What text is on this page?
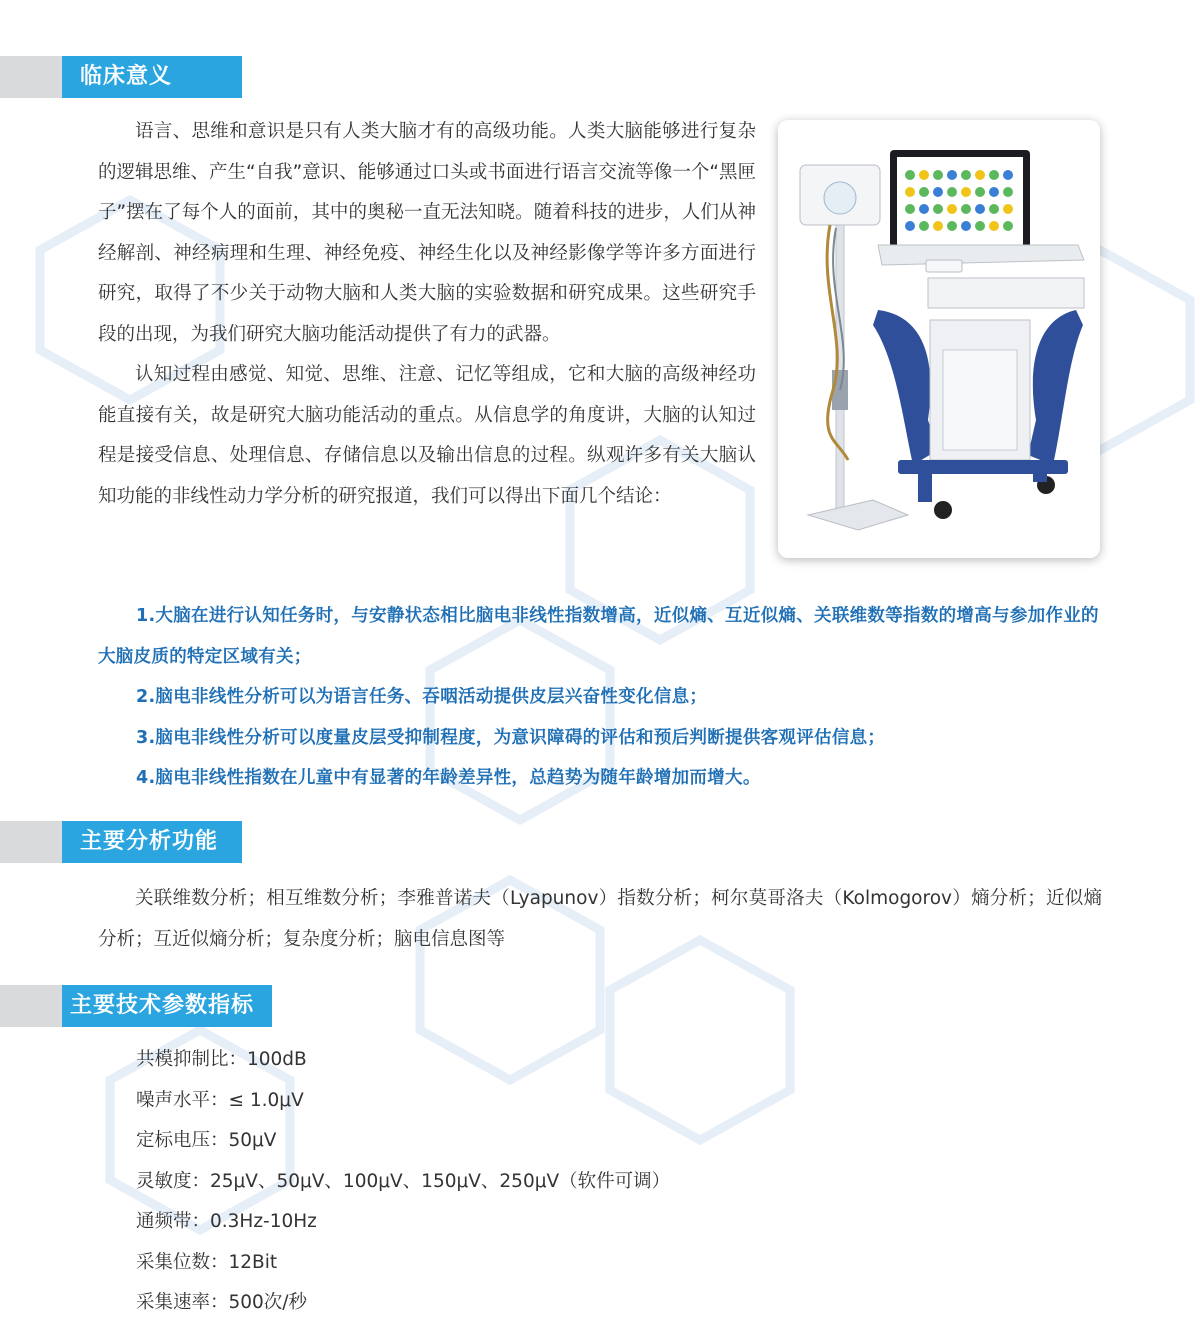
临床意义

语言、思维和意识是只有人类大脑才有的高级功能。人类大脑能够进行复杂的逻辑思维、产生“自我”意识、能够通过口头或书面进行语言交流等像一个“黑匣子”摆在了每个人的面前，其中的奥秘一直无法知晓。随着科技的进步，人们从神经解剖、神经病理和生理、神经免疫、神经生化以及神经影像学等许多方面进行研究，取得了不少关于动物大脑和人类大脑的实验数据和研究成果。这些研究手段的出现，为我们研究大脑功能活动提供了有力的武器。

认知过程由感觉、知觉、思维、注意、记忆等组成，它和大脑的高级神经功能直接有关，故是研究大脑功能活动的重点。从信息学的角度讲，大脑的认知过程是接受信息、处理信息、存储信息以及输出信息的过程。纵观许多有关大脑认知功能的非线性动力学分析的研究报道，我们可以得出下面几个结论：

1.大脑在进行认知任务时，与安静状态相比脑电非线性指数增高，近似熵、互近似熵、关联维数等指数的增高与参加作业的大脑皮质的特定区域有关；

2.脑电非线性分析可以为语言任务、吞咽活动提供皮层兴奋性变化信息；

3.脑电非线性分析可以度量皮层受抑制程度，为意识障碍的评估和预后判断提供客观评估信息；

4.脑电非线性指数在儿童中有显著的年龄差异性，总趋势为随年龄增加而增大。

主要分析功能

关联维数分析；相互维数分析；李雅普诺夫（Lyapunov）指数分析；柯尔莫哥洛夫（Kolmogorov）熵分析；近似熵分析；互近似熵分析；复杂度分析；脑电信息图等

主要技术参数指标

共模抑制比：100dB

噪声水平：≤ 1.0μV

定标电压：50μV

灵敏度：25μV、50μV、100μV、150μV、250μV（软件可调）

通频带：0.3Hz-10Hz

采集位数：12Bit

采集速率：500次/秒
